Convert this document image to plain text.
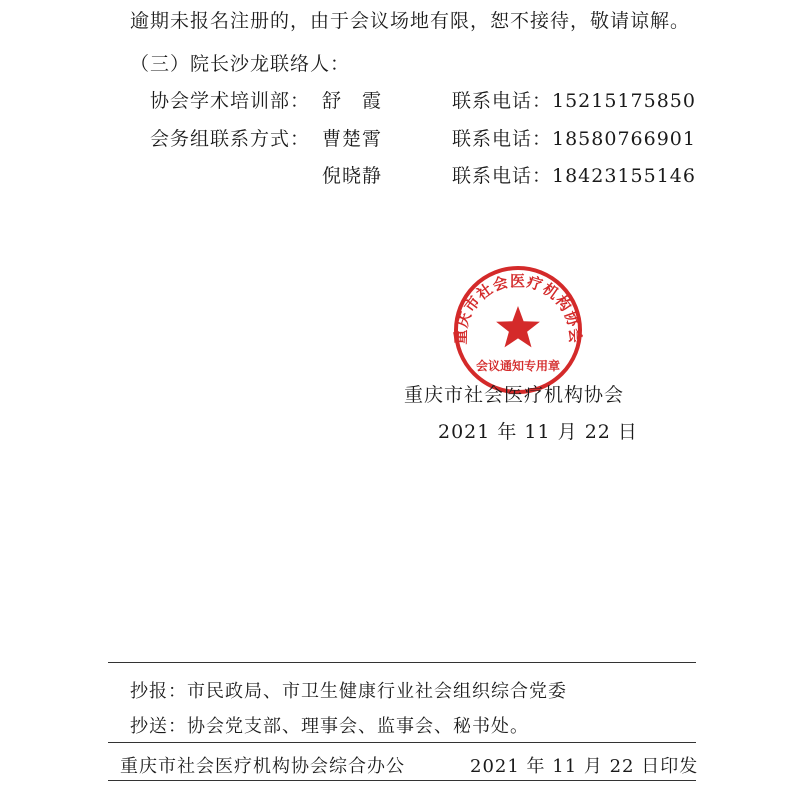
逾期未报名注册的，由于会议场地有限，恕不接待，敬请谅解。
（三）院长沙龙联络人：
协会学术培训部： 舒　霞	联系电话：15215175850
会务组联系方式： 曹楚霄	联系电话：18580766901
倪晓静	联系电话：18423155146
重庆市社会医疗机构协会
会议通知专用章
重庆市社会医疗机构协会
2021 年 11 月 22 日
抄报：市民政局、市卫生健康行业社会组织综合党委
抄送：协会党支部、理事会、监事会、秘书处。
重庆市社会医疗机构协会综合办公	2021 年 11 月 22 日印发
